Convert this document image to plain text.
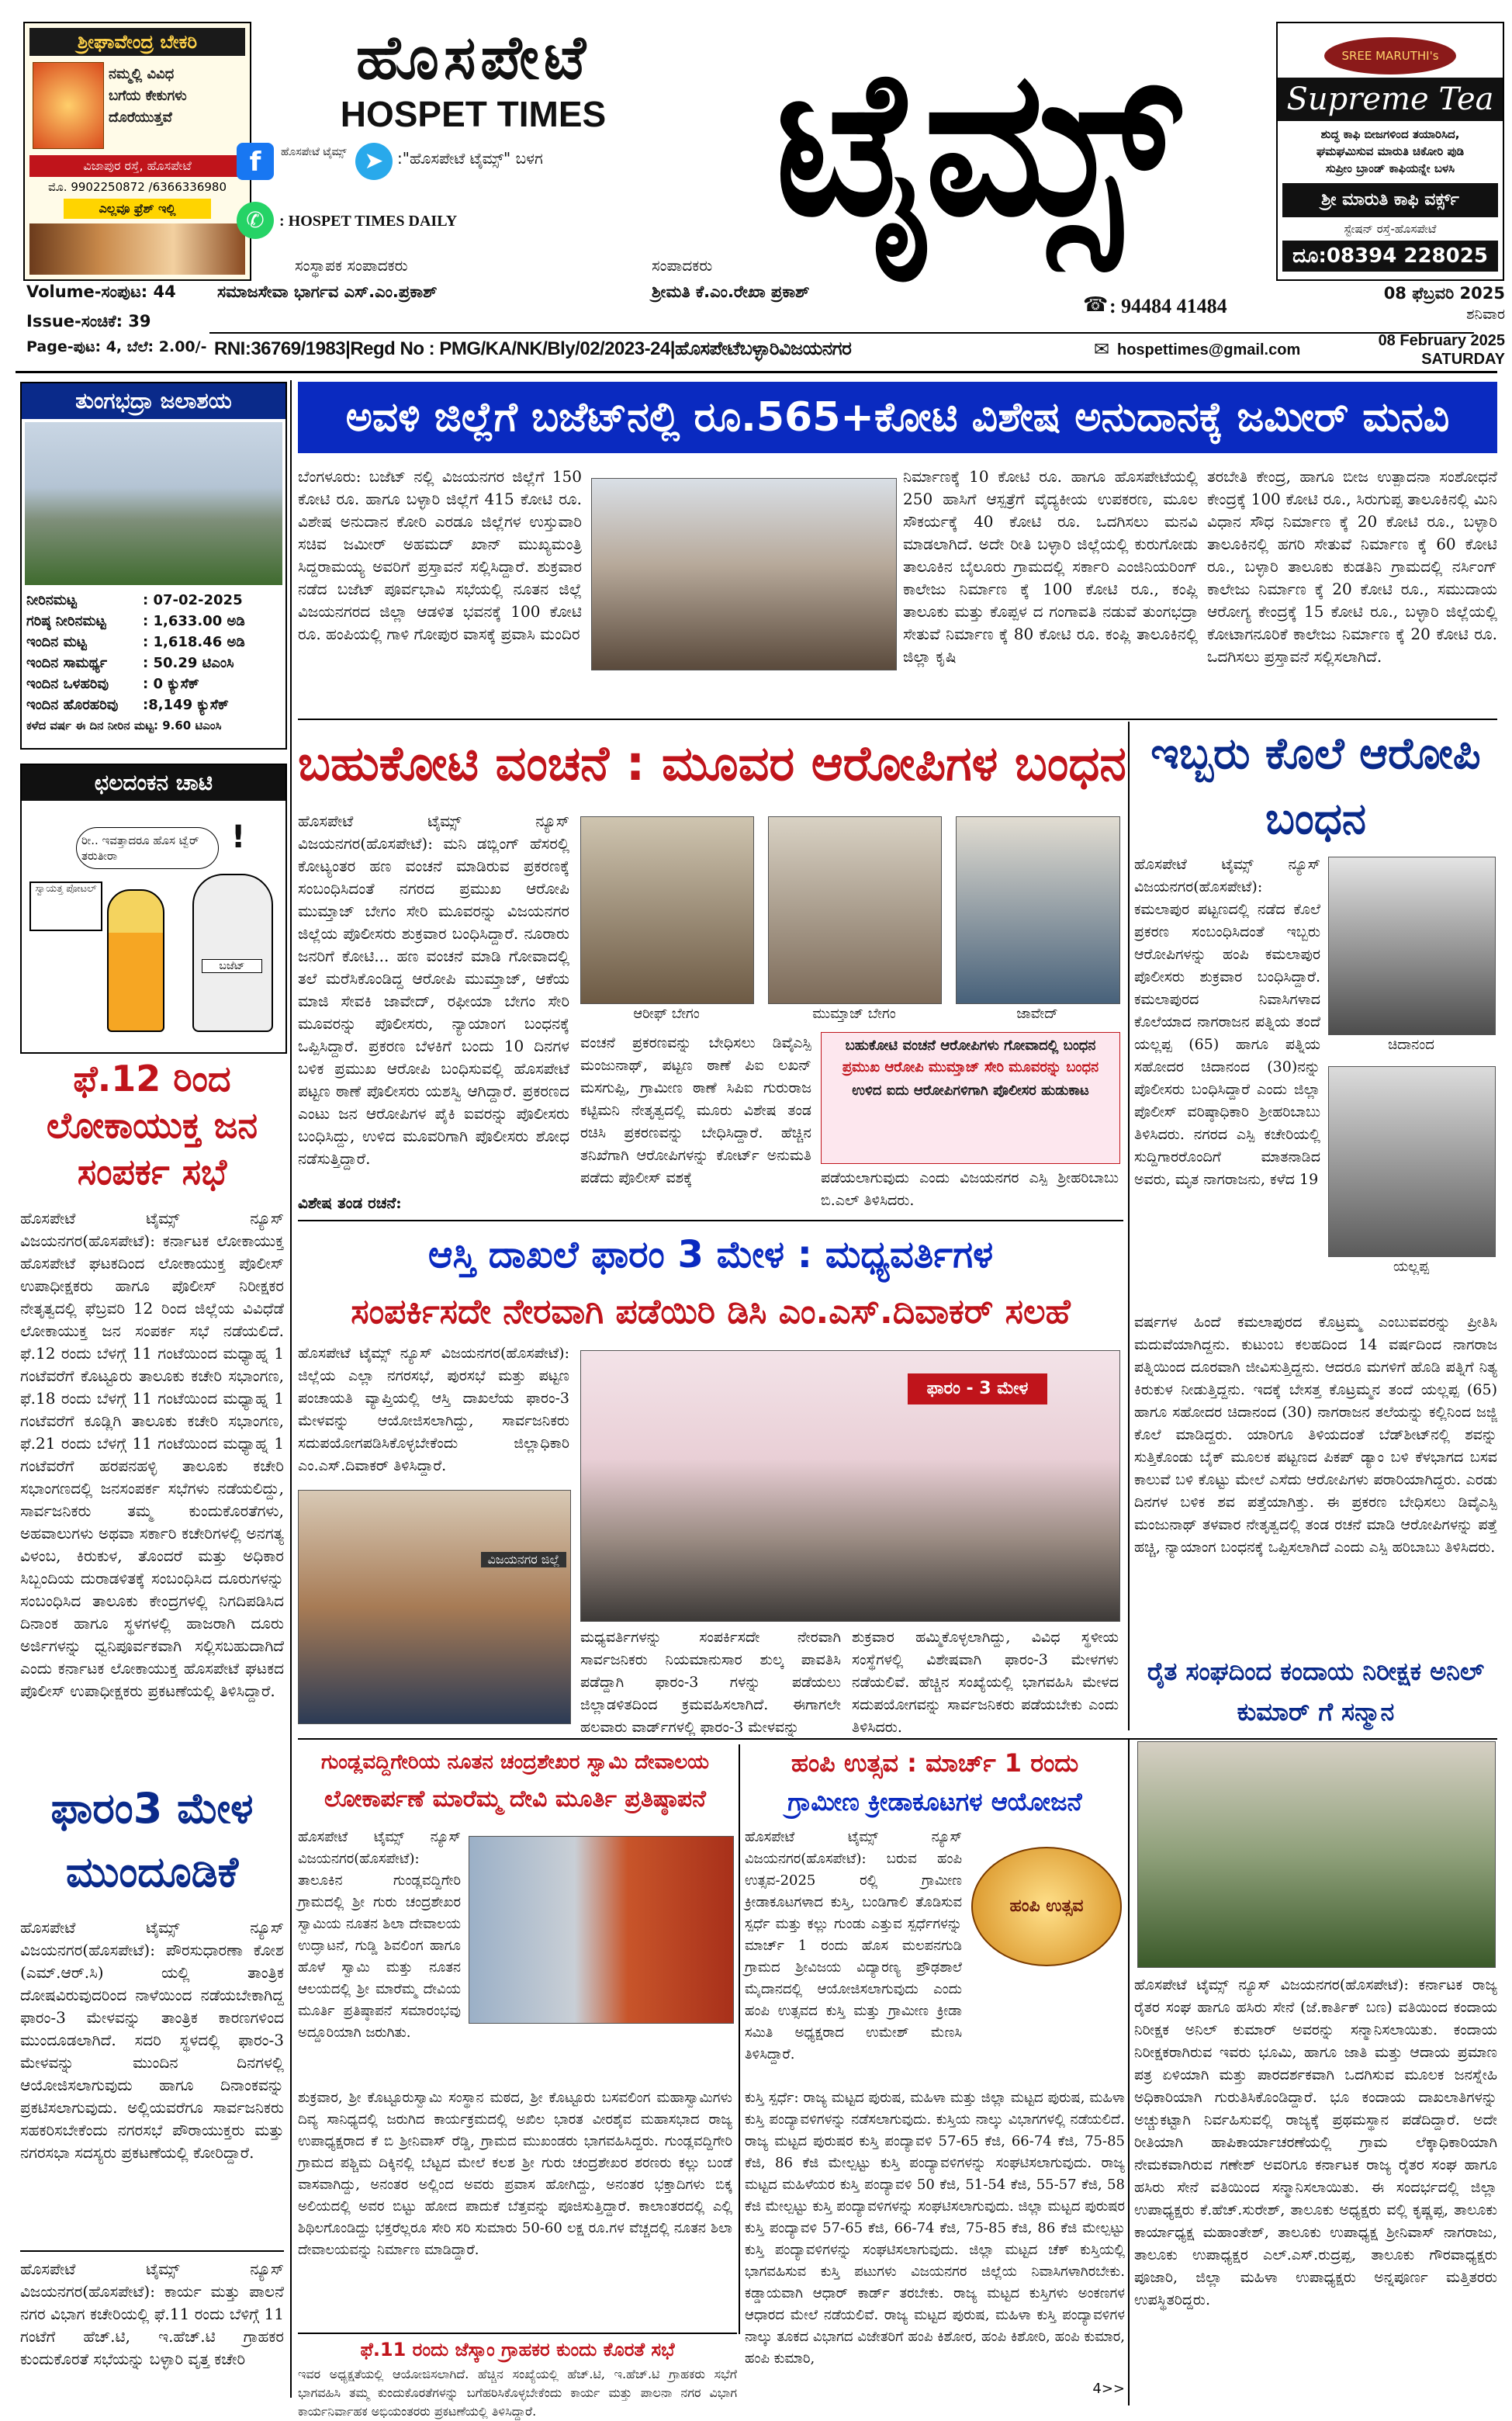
ಶ್ರೀಘಾವೇಂದ್ರ ಬೇಕರಿ
ನಮ್ಮಲ್ಲಿ ವಿವಿಧ
ಬಗೆಯ ಕೇಕುಗಳು
ದೊರೆಯುತ್ತವೆ
ವಿಜಾಪುರ ರಸ್ತೆ, ಹೊಸಪೇಟೆ
ಮೊ. 9902250872 /6366336980
ಎಲ್ಲವೂ ಫ್ರೆಶ್ ಇಲ್ಲಿ
ಹೊಸಪೇಟೆ
HOSPET TIMES
f	ಹೊಸಪೇಟೆ ಟೈಮ್ಸ್ ➤ :"ಹೊಸಪೇಟೆ ಟೈಮ್ಸ್" ಬಳಗ
✆ : HOSPET TIMES DAILY	ಟೈಮ್ಸ್	SREE MARUTHI's
Supreme Tea
ಶುದ್ಧ ಕಾಫಿ ಬೀಜಗಳಿಂದ ತಯಾರಿಸಿದ,
ಘಮಘಮಿಸುವ ಮಾರುತಿ ಚಿಕೋರಿ ಪುಡಿ
ಸುಪ್ರೀಂ ಬ್ರಾಂಡ್ ಕಾಫಿಯನ್ನೇ ಬಳಸಿ
ಶ್ರೀ ಮಾರುತಿ ಕಾಫಿ ವರ್ಕ್ಸ್
ಸ್ಟೇಷನ್ ರಸ್ತೆ-ಹೊಸಪೇಟೆ
ದೂ:08394 228025
ಸಂಸ್ಥಾಪಕ ಸಂಪಾದಕರು	ಸಂಪಾದಕರು
ಸಮಾಜಸೇವಾ ಭಾರ್ಗವ ಎಸ್.ಎಂ.ಪ್ರಕಾಶ್	ಶ್ರೀಮತಿ ಕೆ.ಎಂ.ರೇಖಾ ಪ್ರಕಾಶ್
Volume-ಸಂಪುಟ: 44
Issue-ಸಂಚಿಕೆ: 39
Page-ಪುಟ: 4, ಬೆಲೆ: 2.00/-
☎ : 94484 41484
08 ಫೆಬ್ರವರಿ 2025
ಶನಿವಾರ
RNI:36769/1983|Regd No : PMG/KA/NK/Bly/02/2023-24|ಹೊಸಪೇಟೆಬಳ್ಳಾರಿವಿಜಯನಗರ	✉ hospettimes@gmail.com
08 February 2025
SATURDAY
ತುಂಗಭದ್ರಾ ಜಲಾಶಯ
ನೀರಿನಮಟ್ಟ	: 07-02-2025
ಗರಿಷ್ಠ ನೀರಿನಮಟ್ಟ	: 1,633.00 ಅಡಿ
ಇಂದಿನ ಮಟ್ಟ	: 1,618.46 ಅಡಿ
ಇಂದಿನ ಸಾಮರ್ಥ್ಯ	: 50.29 ಟಿಎಂಸಿ
ಇಂದಿನ ಒಳಹರಿವು : 0 ಕ್ಯುಸೆಕ್
ಇಂದಿನ ಹೊರಹರಿವು :8,149 ಕ್ಯುಸೆಕ್
ಕಳೆದ ವರ್ಷ ಈ ದಿನ ನೀರಿನ ಮಟ್ಟ: 9.60 ಟಿಎಂಸಿ
ಛಲದಂಕನ ಚಾಟಿ
ರೀ.. ಇವತ್ತಾದರೂ ಹೊಸ ಟ್ವೆರ್ ತರುತೀರಾ
ಸ್ವಾಯತ್ತ ಪೋಟಲ್
ಬಜೆಟ್
!
ಫೆ.12 ರಿಂದ ಲೋಕಾಯುಕ್ತ ಜನ ಸಂಪರ್ಕ ಸಭೆ
ಹೊಸಪೇಟೆ ಟೈಮ್ಸ್ ನ್ಯೂಸ್ ವಿಜಯನಗರ(ಹೊಸಪೇಟೆ): ಕರ್ನಾಟಕ ಲೋಕಾಯುಕ್ತ ಹೊಸಪೇಟೆ ಘಟಕದಿಂದ ಲೋಕಾಯುಕ್ತ ಪೊಲೀಸ್ ಉಪಾಧೀಕ್ಷಕರು ಹಾಗೂ ಪೊಲೀಸ್ ನಿರೀಕ್ಷಕರ ನೇತೃತ್ವದಲ್ಲಿ ಫೆಬ್ರವರಿ 12 ರಿಂದ ಜಿಲ್ಲೆಯ ವಿವಿಧೆಡೆ ಲೋಕಾಯುಕ್ತ ಜನ ಸಂಪರ್ಕ ಸಭೆ ನಡೆಯಲಿದೆ. ಫೆ.12 ರಂದು ಬೆಳಗ್ಗೆ 11 ಗಂಟೆಯಿಂದ ಮಧ್ಯಾಹ್ನ 1 ಗಂಟೆವರೆಗೆ ಕೊಟ್ಟೂರು ತಾಲೂಕು ಕಚೇರಿ ಸಭಾಂಗಣ, ಫೆ.18 ರಂದು ಬೆಳಗ್ಗೆ 11 ಗಂಟೆಯಿಂದ ಮಧ್ಯಾಹ್ನ 1 ಗಂಟೆವರೆಗೆ ಕೂಡ್ಲಿಗಿ ತಾಲೂಕು ಕಚೇರಿ ಸಭಾಂಗಣ, ಫೆ.21 ರಂದು ಬೆಳಗ್ಗೆ 11 ಗಂಟೆಯಿಂದ ಮಧ್ಯಾಹ್ನ 1 ಗಂಟೆವರೆಗೆ ಹರಪನಹಳ್ಳಿ ತಾಲೂಕು ಕಚೇರಿ ಸಭಾಂಗಣದಲ್ಲಿ ಜನಸಂಪರ್ಕ ಸಭೆಗಳು ನಡೆಯಲಿದ್ದು, ಸಾರ್ವಜನಿಕರು ತಮ್ಮ ಕುಂದುಕೊರತೆಗಳು, ಅಹವಾಲುಗಳು ಅಥವಾ ಸರ್ಕಾರಿ ಕಚೇರಿಗಳಲ್ಲಿ ಅನಗತ್ಯ ವಿಳಂಬ, ಕಿರುಕುಳ, ತೊಂದರೆ ಮತ್ತು ಅಧಿಕಾರ ಸಿಬ್ಬಂದಿಯ ದುರಾಡಳಿತಕ್ಕೆ ಸಂಬಂಧಿಸಿದ ದೂರುಗಳನ್ನು ಸಂಬಂಧಿಸಿದ ತಾಲೂಕು ಕೇಂದ್ರಗಳಲ್ಲಿ ನಿಗದಿಪಡಿಸಿದ ದಿನಾಂಕ ಹಾಗೂ ಸ್ಥಳಗಳಲ್ಲಿ ಹಾಜರಾಗಿ ದೂರು ಅರ್ಜಿಗಳನ್ನು ಧ್ವನಿಪೂರ್ವಕವಾಗಿ ಸಲ್ಲಿಸಬಹುದಾಗಿದೆ ಎಂದು ಕರ್ನಾಟಕ ಲೋಕಾಯುಕ್ತ ಹೊಸಪೇಟೆ ಘಟಕದ ಪೊಲೀಸ್ ಉಪಾಧೀಕ್ಷಕರು ಪ್ರಕಟಣೆಯಲ್ಲಿ ತಿಳಿಸಿದ್ದಾರೆ.
ಫಾರಂ3 ಮೇಳ ಮುಂದೂಡಿಕೆ
ಹೊಸಪೇಟೆ ಟೈಮ್ಸ್ ನ್ಯೂಸ್ ವಿಜಯನಗರ(ಹೊಸಪೇಟೆ): ಪೌರಸುಧಾರಣಾ ಕೋಶ (ಎಮ್.ಆರ್.ಸಿ) ಯಲ್ಲಿ ತಾಂತ್ರಿಕ ದೋಷವಿರುವುದರಿಂದ ನಾಳೆಯಿಂದ ನಡೆಯಬೇಕಾಗಿದ್ದ ಫಾರಂ-3 ಮೇಳವನ್ನು ತಾಂತ್ರಿಕ ಕಾರಣಗಳಿಂದ ಮುಂದೂಡಲಾಗಿದೆ. ಸದರಿ ಸ್ಥಳದಲ್ಲಿ ಫಾರಂ-3 ಮೇಳವನ್ನು ಮುಂದಿನ ದಿನಗಳಲ್ಲಿ ಆಯೋಜಿಸಲಾಗುವುದು ಹಾಗೂ ದಿನಾಂಕವನ್ನು ಪ್ರಕಟಿಸಲಾಗುವುದು. ಅಲ್ಲಿಯವರೆಗೂ ಸಾರ್ವಜನಿಕರು ಸಹಕರಿಸಬೇಕೆಂದು ನಗರಸಭೆ ಪೌರಾಯುಕ್ತರು ಮತ್ತು ನಗರಸಭಾ ಸದಸ್ಯರು ಪ್ರಕಟಣೆಯಲ್ಲಿ ಕೋರಿದ್ದಾರೆ.
ಹೊಸಪೇಟೆ ಟೈಮ್ಸ್ ನ್ಯೂಸ್ ವಿಜಯನಗರ(ಹೊಸಪೇಟೆ): ಕಾರ್ಯ ಮತ್ತು ಪಾಲನೆ ನಗರ ವಿಭಾಗ ಕಚೇರಿಯಲ್ಲಿ ಫೆ.11 ರಂದು ಬೆಳಿಗ್ಗೆ 11 ಗಂಟೆಗೆ ಹೆಚ್.ಟಿ, ಇ.ಹೆಚ್.ಟಿ ಗ್ರಾಹಕರ ಕುಂದುಕೊರತೆ ಸಭೆಯನ್ನು ಬಳ್ಳಾರಿ ವೃತ್ತ ಕಚೇರಿ
ಅವಳಿ ಜಿಲ್ಲೆಗೆ ಬಜೆಟ್‌ನಲ್ಲಿ ರೂ.565+ಕೋಟಿ ವಿಶೇಷ ಅನುದಾನಕ್ಕೆ ಜಮೀರ್ ಮನವಿ
ಬೆಂಗಳೂರು: ಬಜೆಟ್ ನಲ್ಲಿ ವಿಜಯನಗರ ಜಿಲ್ಲೆಗೆ 150 ಕೋಟಿ ರೂ. ಹಾಗೂ ಬಳ್ಳಾರಿ ಜಿಲ್ಲೆಗೆ 415 ಕೋಟಿ ರೂ. ವಿಶೇಷ ಅನುದಾನ ಕೋರಿ ಎರಡೂ ಜಿಲ್ಲೆಗಳ ಉಸ್ತುವಾರಿ ಸಚಿವ ಜಮೀರ್ ಅಹಮದ್ ಖಾನ್ ಮುಖ್ಯಮಂತ್ರಿ ಸಿದ್ದರಾಮಯ್ಯ ಅವರಿಗೆ ಪ್ರಸ್ತಾವನೆ ಸಲ್ಲಿಸಿದ್ದಾರೆ. ಶುಕ್ರವಾರ ನಡೆದ ಬಜೆಟ್ ಪೂರ್ವಭಾವಿ ಸಭೆಯಲ್ಲಿ ನೂತನ ಜಿಲ್ಲೆ ವಿಜಯನಗರದ ಜಿಲ್ಲಾ ಆಡಳಿತ ಭವನಕ್ಕೆ 100 ಕೋಟಿ ರೂ. ಹಂಪಿಯಲ್ಲಿ ಗಾಳಿ ಗೋಪುರ ವಾಸಕ್ಕೆ ಪ್ರವಾಸಿ ಮಂದಿರ
ನಿರ್ಮಾಣಕ್ಕೆ 10 ಕೋಟಿ ರೂ. ಹಾಗೂ ಹೊಸಪೇಟೆಯಲ್ಲಿ 250 ಹಾಸಿಗೆ ಆಸ್ಪತ್ರೆಗೆ ವೈದ್ಯಕೀಯ ಉಪಕರಣ, ಮೂಲ ಸೌಕರ್ಯಕ್ಕೆ 40 ಕೋಟಿ ರೂ. ಒದಗಿಸಲು ಮನವಿ ಮಾಡಲಾಗಿದೆ. ಅದೇ ರೀತಿ ಬಳ್ಳಾರಿ ಜಿಲ್ಲೆಯಲ್ಲಿ ಕುರುಗೋಡು ತಾಲೂಕಿನ ಬೈಲೂರು ಗ್ರಾಮದಲ್ಲಿ ಸರ್ಕಾರಿ ಎಂಜಿನಿಯರಿಂಗ್ ಕಾಲೇಜು ನಿರ್ಮಾಣ ಕ್ಕೆ 100 ಕೋಟಿ ರೂ., ಕಂಪ್ಲಿ ತಾಲೂಕು ಮತ್ತು ಕೊಪ್ಪಳ ದ ಗಂಗಾವತಿ ನಡುವೆ ತುಂಗಭದ್ರಾ ಸೇತುವೆ ನಿರ್ಮಾಣ ಕ್ಕೆ 80 ಕೋಟಿ ರೂ. ಕಂಪ್ಲಿ ತಾಲೂಕಿನಲ್ಲಿ ಜಿಲ್ಲಾ ಕೃಷಿ
ತರಬೇತಿ ಕೇಂದ್ರ, ಹಾಗೂ ಬೀಜ ಉತ್ಪಾದನಾ ಸಂಶೋಧನೆ ಕೇಂದ್ರಕ್ಕೆ 100 ಕೋಟಿ ರೂ., ಸಿರುಗುಪ್ಪ ತಾಲೂಕಿನಲ್ಲಿ ಮಿನಿ ವಿಧಾನ ಸೌಧ ನಿರ್ಮಾಣ ಕ್ಕೆ 20 ಕೋಟಿ ರೂ., ಬಳ್ಳಾರಿ ತಾಲೂಕಿನಲ್ಲಿ ಹಗರಿ ಸೇತುವೆ ನಿರ್ಮಾಣ ಕ್ಕೆ 60 ಕೋಟಿ ರೂ., ಬಳ್ಳಾರಿ ತಾಲೂಕು ಕುಡತಿನಿ ಗ್ರಾಮದಲ್ಲಿ ನರ್ಸಿಂಗ್ ಕಾಲೇಜು ನಿರ್ಮಾಣ ಕ್ಕೆ 20 ಕೋಟಿ ರೂ., ಸಮುದಾಯ ಆರೋಗ್ಯ ಕೇಂದ್ರಕ್ಕೆ 15 ಕೋಟಿ ರೂ., ಬಳ್ಳಾರಿ ಜಿಲ್ಲೆಯಲ್ಲಿ ಕೋಟಾಗನೂರಿಕೆ ಕಾಲೇಜು ನಿರ್ಮಾಣ ಕ್ಕೆ 20 ಕೋಟಿ ರೂ. ಒದಗಿಸಲು ಪ್ರಸ್ತಾವನೆ ಸಲ್ಲಿಸಲಾಗಿದೆ.
ಬಹುಕೋಟಿ ವಂಚನೆ : ಮೂವರ ಆರೋಪಿಗಳ ಬಂಧನ
ಹೊಸಪೇಟೆ ಟೈಮ್ಸ್ ನ್ಯೂಸ್ ವಿಜಯನಗರ(ಹೊಸಪೇಟೆ): ಮನಿ ಡಬ್ಲಿಂಗ್ ಹೆಸರಲ್ಲಿ ಕೋಟ್ಯಂತರ ಹಣ ವಂಚನೆ ಮಾಡಿರುವ ಪ್ರಕರಣಕ್ಕೆ ಸಂಬಂಧಿಸಿದಂತೆ ನಗರದ ಪ್ರಮುಖ ಆರೋಪಿ ಮುಮ್ತಾಜ್ ಬೇಗಂ ಸೇರಿ ಮೂವರನ್ನು ವಿಜಯನಗರ ಜಿಲ್ಲೆಯ ಪೊಲೀಸರು ಶುಕ್ರವಾರ ಬಂಧಿಸಿದ್ದಾರೆ. ನೂರಾರು ಜನರಿಗೆ ಕೋಟಿ... ಹಣ ವಂಚನೆ ಮಾಡಿ ಗೋವಾದಲ್ಲಿ ತಲೆ ಮರೆಸಿಕೊಂಡಿದ್ದ ಆರೋಪಿ ಮುಮ್ತಾಜ್, ಆಕೆಯ ಮಾಜಿ ಸೇವಕಿ ಜಾವೇದ್, ರಫೀಯಾ ಬೇಗಂ ಸೇರಿ ಮೂವರನ್ನು ಪೊಲೀಸರು, ನ್ಯಾಯಾಂಗ ಬಂಧನಕ್ಕೆ ಒಪ್ಪಿಸಿದ್ದಾರೆ. ಪ್ರಕರಣ ಬೆಳಕಿಗೆ ಬಂದು 10 ದಿನಗಳ ಬಳಿಕ ಪ್ರಮುಖ ಆರೋಪಿ ಬಂಧಿಸುವಲ್ಲಿ ಹೊಸಪೇಟೆ ಪಟ್ಟಣ ಠಾಣೆ ಪೊಲೀಸರು ಯಶಸ್ವಿ ಆಗಿದ್ದಾರೆ. ಪ್ರಕರಣದ ಎಂಟು ಜನ ಆರೋಪಿಗಳ ಪೈಕಿ ಐವರನ್ನು ಪೊಲೀಸರು ಬಂಧಿಸಿದ್ದು, ಉಳಿದ ಮೂವರಿಗಾಗಿ ಪೊಲೀಸರು ಶೋಧ ನಡೆಸುತ್ತಿದ್ದಾರೆ.
ವಿಶೇಷ ತಂಡ ರಚನೆ:
ಆರೀಫ್ ಬೇಗಂ	ಮುಮ್ತಾಜ್ ಬೇಗಂ	ಜಾವೇದ್
ವಂಚನೆ ಪ್ರಕರಣವನ್ನು ಬೇಧಿಸಲು ಡಿವೈಎಸ್ಪಿ ಮಂಜುನಾಥ್, ಪಟ್ಟಣ ಠಾಣೆ ಪಿಐ ಲಖನ್ ಮಸಗುಪ್ಪಿ, ಗ್ರಾಮೀಣ ಠಾಣೆ ಸಿಪಿಐ ಗುರುರಾಜ ಕಟ್ಟಿಮನಿ ನೇತೃತ್ವದಲ್ಲಿ ಮೂರು ವಿಶೇಷ ತಂಡ ರಚಿಸಿ ಪ್ರಕರಣವನ್ನು ಬೇಧಿಸಿದ್ದಾರೆ. ಹೆಚ್ಚಿನ ತನಿಖೆಗಾಗಿ ಆರೋಪಿಗಳನ್ನು ಕೋರ್ಟ್ ಅನುಮತಿ ಪಡೆದು ಪೊಲೀಸ್ ವಶಕ್ಕೆ
ಬಹುಕೋಟಿ ವಂಚನೆ ಆರೋಪಿಗಳು ಗೋವಾದಲ್ಲಿ ಬಂಧನ
ಪ್ರಮುಖ ಆರೋಪಿ ಮುಮ್ತಾಜ್ ಸೇರಿ ಮೂವರನ್ನು ಬಂಧನ
ಉಳಿದ ಐದು ಆರೋಪಿಗಳಿಗಾಗಿ ಪೊಲೀಸರ ಹುಡುಕಾಟ
ಪಡೆಯಲಾಗುವುದು ಎಂದು ವಿಜಯನಗರ ಎಸ್ಪಿ ಶ್ರೀಹರಿಬಾಬು ಬಿ.ಎಲ್ ತಿಳಿಸಿದರು.
ಇಬ್ಬರು ಕೊಲೆ ಆರೋಪಿ ಬಂಧನ
ಹೊಸಪೇಟೆ ಟೈಮ್ಸ್ ನ್ಯೂಸ್ ವಿಜಯನಗರ(ಹೊಸಪೇಟೆ): ಕಮಲಾಪುರ ಪಟ್ಟಣದಲ್ಲಿ ನಡೆದ ಕೊಲೆ ಪ್ರಕರಣ ಸಂಬಂಧಿಸಿದಂತೆ ಇಬ್ಬರು ಆರೋಪಿಗಳನ್ನು ಹಂಪಿ ಕಮಲಾಪುರ ಪೊಲೀಸರು ಶುಕ್ರವಾರ ಬಂಧಿಸಿದ್ದಾರೆ. ಕಮಲಾಪುರದ ನಿವಾಸಿಗಳಾದ ಕೊಲೆಯಾದ ನಾಗರಾಜನ ಪತ್ನಿಯ ತಂದೆ ಯಲ್ಲಪ್ಪ (65) ಹಾಗೂ ಪತ್ನಿಯ ಸಹೋದರ ಚಿದಾನಂದ (30)ನನ್ನು ಪೊಲೀಸರು ಬಂಧಿಸಿದ್ದಾರೆ ಎಂದು ಜಿಲ್ಲಾ ಪೊಲೀಸ್ ವರಿಷ್ಠಾಧಿಕಾರಿ ಶ್ರೀಹರಿಬಾಬು ತಿಳಿಸಿದರು. ನಗರದ ಎಸ್ಪಿ ಕಚೇರಿಯಲ್ಲಿ ಸುದ್ದಿಗಾರರೊಂದಿಗೆ ಮಾತನಾಡಿದ ಅವರು, ಮೃತ ನಾಗರಾಜನು, ಕಳೆದ 19
ಚಿದಾನಂದ
ಯಲ್ಲಪ್ಪ
ವರ್ಷಗಳ ಹಿಂದೆ ಕಮಲಾಪುರದ ಕೊಟ್ರಮ್ಮ ಎಂಬುವವರನ್ನು ಪ್ರೀತಿಸಿ ಮದುವೆಯಾಗಿದ್ದನು. ಕುಟುಂಬ ಕಲಹದಿಂದ 14 ವರ್ಷದಿಂದ ನಾಗರಾಜ ಪತ್ನಿಯಿಂದ ದೂರವಾಗಿ ಜೀವಿಸುತ್ತಿದ್ದನು. ಆದರೂ ಮಗಳಿಗೆ ಹೊಡಿ ಪತ್ನಿಗೆ ನಿತ್ಯ ಕಿರುಕುಳ ನೀಡುತ್ತಿದ್ದನು. ಇದಕ್ಕೆ ಬೇಸತ್ತ ಕೊಟ್ರಮ್ಮನ ತಂದೆ ಯಲ್ಲಪ್ಪ (65) ಹಾಗೂ ಸಹೋದರ ಚಿದಾನಂದ (30) ನಾಗರಾಜನ ತಲೆಯನ್ನು ಕಲ್ಲಿನಿಂದ ಜಜ್ಜಿ ಕೊಲೆ ಮಾಡಿದ್ದರು. ಯಾರಿಗೂ ತಿಳಿಯದಂತೆ ಬೆಡ್‌ಶೀಟ್‌ನಲ್ಲಿ ಶವನ್ನು ಸುತ್ತಿಕೊಂಡು ಬೈಕ್ ಮೂಲಕ ಪಟ್ಟಣದ ಪಿಕಪ್ ಡ್ಯಾಂ ಬಳಿ ಕೆಳಭಾಗದ ಬಸವ ಕಾಲುವೆ ಬಳಿ ಕೊಟ್ಟು ಮೇಲೆ ಎಸೆದು ಆರೋಪಿಗಳು ಪರಾರಿಯಾಗಿದ್ದರು. ಎರಡು ದಿನಗಳ ಬಳಿಕ ಶವ ಪತ್ತೆಯಾಗಿತ್ತು. ಈ ಪ್ರಕರಣ ಬೇಧಿಸಲು ಡಿವೈಎಸ್ಪಿ ಮಂಜುನಾಥ್ ತಳವಾರ ನೇತೃತ್ವದಲ್ಲಿ ತಂಡ ರಚನೆ ಮಾಡಿ ಆರೋಪಿಗಳನ್ನು ಪತ್ತೆ ಹಚ್ಚಿ, ನ್ಯಾಯಾಂಗ ಬಂಧನಕ್ಕೆ ಒಪ್ಪಿಸಲಾಗಿದೆ ಎಂದು ಎಸ್ಪಿ ಹರಿಬಾಬು ತಿಳಿಸಿದರು.
ಆಸ್ತಿ ದಾಖಲೆ ಫಾರಂ 3 ಮೇಳ : ಮಧ್ಯವರ್ತಿಗಳ
ಸಂಪರ್ಕಿಸದೇ ನೇರವಾಗಿ ಪಡೆಯಿರಿ ಡಿಸಿ ಎಂ.ಎಸ್.ದಿವಾಕರ್ ಸಲಹೆ
ಹೊಸಪೇಟೆ ಟೈಮ್ಸ್ ನ್ಯೂಸ್ ವಿಜಯನಗರ(ಹೊಸಪೇಟೆ): ಜಿಲ್ಲೆಯ ಎಲ್ಲಾ ನಗರಸಭೆ, ಪುರಸಭೆ ಮತ್ತು ಪಟ್ಟಣ ಪಂಚಾಯತಿ ವ್ಯಾಪ್ತಿಯಲ್ಲಿ ಆಸ್ತಿ ದಾಖಲೆಯ ಫಾರಂ-3 ಮೇಳವನ್ನು ಆಯೋಜಿಸಲಾಗಿದ್ದು, ಸಾರ್ವಜನಿಕರು ಸದುಪಯೋಗಪಡಿಸಿಕೊಳ್ಳಬೇಕೆಂದು ಜಿಲ್ಲಾಧಿಕಾರಿ ಎಂ.ಎಸ್.ದಿವಾಕರ್ ತಿಳಿಸಿದ್ದಾರೆ.
ವಿಜಯನಗರ ಜಿಲ್ಲೆ
ಫಾರಂ - 3 ಮೇಳ
ಮಧ್ಯವರ್ತಿಗಳನ್ನು ಸಂಪರ್ಕಿಸದೇ ನೇರವಾಗಿ ಸಾರ್ವಜನಿಕರು ನಿಯಮಾನುಸಾರ ಶುಲ್ಕ ಪಾವತಿಸಿ ಪಡೆದ್ದಾಗಿ ಫಾರಂ-3 ಗಳನ್ನು ಪಡೆಯಲು ಜಿಲ್ಲಾಡಳಿತದಿಂದ ಕ್ರಮವಹಿಸಲಾಗಿದೆ. ಈಗಾಗಲೇ ಹಲವಾರು ವಾರ್ಡ್‌ಗಳಲ್ಲಿ ಫಾರಂ-3 ಮೇಳವನ್ನು
ಶುಕ್ರವಾರ ಹಮ್ಮಿಕೊಳ್ಳಲಾಗಿದ್ದು, ವಿವಿಧ ಸ್ಥಳೀಯ ಸಂಸ್ಥೆಗಳಲ್ಲಿ ವಿಶೇಷವಾಗಿ ಫಾರಂ-3 ಮೇಳಗಳು ನಡೆಯಲಿವೆ. ಹೆಚ್ಚಿನ ಸಂಖ್ಯೆಯಲ್ಲಿ ಭಾಗವಹಿಸಿ ಮೇಳದ ಸದುಪಯೋಗವನ್ನು ಸಾರ್ವಜನಿಕರು ಪಡೆಯಬೇಕು ಎಂದು ತಿಳಿಸಿದರು.
ರೈತ ಸಂಘದಿಂದ ಕಂದಾಯ ನಿರೀಕ್ಷಕ ಅನಿಲ್ ಕುಮಾರ್ ಗೆ ಸನ್ಮಾನ
ಹೊಸಪೇಟೆ ಟೈಮ್ಸ್ ನ್ಯೂಸ್ ವಿಜಯನಗರ(ಹೊಸಪೇಟೆ): ಕರ್ನಾಟಕ ರಾಜ್ಯ ರೈತರ ಸಂಘ ಹಾಗೂ ಹಸಿರು ಸೇನೆ (ಜೆ.ಕಾರ್ತಿಕ್ ಬಣ) ವತಿಯಿಂದ ಕಂದಾಯ ನಿರೀಕ್ಷಕ ಅನಿಲ್ ಕುಮಾರ್ ಅವರನ್ನು ಸನ್ಮಾನಿಸಲಾಯಿತು. ಕಂದಾಯ ನಿರೀಕ್ಷಕರಾಗಿರುವ ಇವರು ಭೂಮಿ, ಹಾಗೂ ಜಾತಿ ಮತ್ತು ಆದಾಯ ಪ್ರಮಾಣ ಪತ್ರ ಏಳಿಯಾಗಿ ಮತ್ತು ಪಾರದರ್ಶಕವಾಗಿ ಒದಗಿಸುವ ಮೂಲಕ ಜನಸ್ನೇಹಿ ಅಧಿಕಾರಿಯಾಗಿ ಗುರುತಿಸಿಕೊಂಡಿದ್ದಾರೆ. ಭೂ ಕಂದಾಯ ದಾಖಲಾತಿಗಳನ್ನು ಅಚ್ಚುಕಟ್ಟಾಗಿ ನಿರ್ವಹಿಸುವಲ್ಲಿ ರಾಜ್ಯಕ್ಕೆ ಪ್ರಥಮಸ್ಥಾನ ಪಡೆದಿದ್ದಾರೆ. ಅದೇ ರೀತಿಯಾಗಿ ಹಾಪಿಕಾರ್ಯಾಚರಣೆಯಲ್ಲಿ ಗ್ರಾಮ ಲೆಕ್ಕಾಧಿಕಾರಿಯಾಗಿ ನೇಮಕವಾಗಿರುವ ಗಣೇಶ್ ಅವರಿಗೂ ಕರ್ನಾಟಕ ರಾಜ್ಯ ರೈತರ ಸಂಘ ಹಾಗೂ ಹಸಿರು ಸೇನೆ ವತಿಯಿಂದ ಸನ್ಮಾನಿಸಲಾಯಿತು. ಈ ಸಂದರ್ಭದಲ್ಲಿ ಜಿಲ್ಲಾ ಉಪಾಧ್ಯಕ್ಷರು ಕೆ.ಹೆಚ್.ಸುರೇಶ್, ತಾಲೂಕು ಅಧ್ಯಕ್ಷರು ವಲ್ಲಿ ಕೃಷ್ಣಪ್ಪ, ತಾಲೂಕು ಕಾರ್ಯಾಧ್ಯಕ್ಷ ಮಹಾಂತೇಶ್, ತಾಲೂಕು ಉಪಾಧ್ಯಕ್ಷ ಶ್ರೀನಿವಾಸ್ ನಾಗರಾಜು, ತಾಲೂಕು ಉಪಾಧ್ಯಕ್ಷರ ಎಲ್.ಎಸ್.ರುದ್ರಪ್ಪ, ತಾಲೂಕು ಗೌರವಾಧ್ಯಕ್ಷರು ಪೂಜಾರಿ, ಜಿಲ್ಲಾ ಮಹಿಳಾ ಉಪಾಧ್ಯಕ್ಷರು ಅನ್ನಪೂರ್ಣ ಮತ್ತಿತರರು ಉಪಸ್ಥಿತರಿದ್ದರು.
ಗುಂಡ್ಲವದ್ದಿಗೇರಿಯ ನೂತನ ಚಂದ್ರಶೇಖರ ಸ್ವಾಮಿ ದೇವಾಲಯ
ಲೋಕಾರ್ಪಣೆ ಮಾರೆಮ್ಮ ದೇವಿ ಮೂರ್ತಿ ಪ್ರತಿಷ್ಠಾಪನೆ
ಹೊಸಪೇಟೆ ಟೈಮ್ಸ್ ನ್ಯೂಸ್ ವಿಜಯನಗರ(ಹೊಸಪೇಟೆ): ತಾಲೂಕಿನ ಗುಂಡ್ಲವದ್ದಿಗೇರಿ ಗ್ರಾಮದಲ್ಲಿ ಶ್ರೀ ಗುರು ಚಂದ್ರಶೇಖರ ಸ್ವಾಮಿಯ ನೂತನ ಶಿಲಾ ದೇವಾಲಯ ಉದ್ಘಾಟನೆ, ಗುಡ್ಡಿ ಶಿವಲಿಂಗ ಹಾಗೂ ಹೊಳೆ ಸ್ವಾಮಿ ಮತ್ತು ನೂತನ ಆಲಯದಲ್ಲಿ ಶ್ರೀ ಮಾರೆಮ್ಮ ದೇವಿಯ ಮೂರ್ತಿ ಪ್ರತಿಷ್ಠಾಪನೆ ಸಮಾರಂಭವು ಅದ್ದೂರಿಯಾಗಿ ಜರುಗಿತು.
ಶುಕ್ರವಾರ, ಶ್ರೀ ಕೊಟ್ಟೂರುಸ್ವಾಮಿ ಸಂಸ್ಥಾನ ಮಠದ, ಶ್ರೀ ಕೊಟ್ಟೂರು ಬಸವಲಿಂಗ ಮಹಾಸ್ವಾಮಿಗಳು ದಿವ್ಯ ಸಾನಿಧ್ಯದಲ್ಲಿ ಜರುಗಿದ ಕಾರ್ಯಕ್ರಮದಲ್ಲಿ ಅಖಿಲ ಭಾರತ ವೀರಶೈವ ಮಹಾಸಭಾದ ರಾಜ್ಯ ಉಪಾಧ್ಯಕ್ಷರಾದ ಕೆ ಬಿ ಶ್ರೀನಿವಾಸ್ ರೆಡ್ಡಿ, ಗ್ರಾಮದ ಮುಖಂಡರು ಭಾಗವಹಿಸಿದ್ದರು. ಗುಂಡ್ಲವದ್ದಿಗೇರಿ ಗ್ರಾಮದ ಪಶ್ಚಿಮ ದಿಕ್ಕಿನಲ್ಲಿ ಬೆಟ್ಟದ ಮೇಲೆ ಕಲಶ ಶ್ರೀ ಗುರು ಚಂದ್ರಶೇಖರ ಶರಣರು ಕಲ್ಲು ಬಂಡೆ ವಾಸವಾಗಿದ್ದು, ಅನಂತರ ಅಲ್ಲಿಂದ ಅವರು ಪ್ರವಾಸ ಹೋಗಿದ್ದು, ಅನಂತರ ಭಕ್ತಾದಿಗಳು ಬಿಕ್ಕ ಅಲಿಯದಲ್ಲಿ ಅವರ ಬಿಟ್ಟು ಹೋದ ಪಾದುಕೆ ಬೆತ್ತವನ್ನು ಪೂಜಿಸುತ್ತಿದ್ದಾರೆ. ಕಾಲಾಂತರದಲ್ಲಿ ಎಲ್ಲಿ ಶಿಥಿಲಗೊಂಡಿದ್ದು ಭಕ್ತರೆಲ್ಲರೂ ಸೇರಿ ಸರಿ ಸುಮಾರು 50-60 ಲಕ್ಷ ರೂ.ಗಳ ವೆಚ್ಚದಲ್ಲಿ ನೂತನ ಶಿಲಾ ದೇವಾಲಯವನ್ನು ನಿರ್ಮಾಣ ಮಾಡಿದ್ದಾರೆ.
ಹಂಪಿ ಉತ್ಸವ : ಮಾರ್ಚ್ 1 ರಂದು
ಗ್ರಾಮೀಣ ಕ್ರೀಡಾಕೂಟಗಳ ಆಯೋಜನೆ
ಹೊಸಪೇಟೆ ಟೈಮ್ಸ್ ನ್ಯೂಸ್ ವಿಜಯನಗರ(ಹೊಸಪೇಟೆ): ಬರುವ ಹಂಪಿ ಉತ್ಸವ-2025 ರಲ್ಲಿ ಗ್ರಾಮೀಣ ಕ್ರೀಡಾಕೂಟಗಳಾದ ಕುಸ್ತಿ, ಬಂಡಿಗಾಲಿ ತೊಡಿಸುವ ಸ್ಪರ್ಧೆ ಮತ್ತು ಕಲ್ಲು ಗುಂಡು ಎತ್ತುವ ಸ್ಪರ್ಧೆಗಳನ್ನು ಮಾರ್ಚ್ 1 ರಂದು ಹೊಸ ಮಲಪನಗುಡಿ ಗ್ರಾಮದ ಶ್ರೀವಿಜಯ ವಿದ್ಯಾರಣ್ಯ ಪ್ರೌಢಶಾಲೆ ಮೈದಾನದಲ್ಲಿ ಆಯೋಜಿಸಲಾಗುವುದು ಎಂದು ಹಂಪಿ ಉತ್ಸವದ ಕುಸ್ತಿ ಮತ್ತು ಗ್ರಾಮೀಣ ಕ್ರೀಡಾ ಸಮಿತಿ ಅಧ್ಯಕ್ಷರಾದ ಉಮೇಶ್ ಮೆಣಸಿ ತಿಳಿಸಿದ್ದಾರೆ.
ಹಂಪಿ ಉತ್ಸವ
ಕುಸ್ತಿ ಸ್ಪರ್ಧೆ: ರಾಜ್ಯ ಮಟ್ಟದ ಪುರುಷ, ಮಹಿಳಾ ಮತ್ತು ಜಿಲ್ಲಾ ಮಟ್ಟದ ಪುರುಷ, ಮಹಿಳಾ ಕುಸ್ತಿ ಪಂದ್ಯಾವಳಿಗಳನ್ನು ನಡೆಸಲಾಗುವುದು. ಕುಸ್ತಿಯ ನಾಲ್ಕು ವಿಭಾಗಗಳಲ್ಲಿ ನಡೆಯಲಿದೆ. ರಾಜ್ಯ ಮಟ್ಟದ ಪುರುಷರ ಕುಸ್ತಿ ಪಂದ್ಯಾವಳಿ 57-65 ಕೆಜಿ, 66-74 ಕೆಜಿ, 75-85 ಕೆಜಿ, 86 ಕೆಜಿ ಮೇಲ್ಪಟ್ಟು ಕುಸ್ತಿ ಪಂದ್ಯಾವಳಿಗಳನ್ನು ಸಂಘಟಿಸಲಾಗುವುದು. ರಾಜ್ಯ ಮಟ್ಟದ ಮಹಿಳೆಯರ ಕುಸ್ತಿ ಪಂದ್ಯಾವಳಿ 50 ಕೆಜಿ, 51-54 ಕೆಜಿ, 55-57 ಕೆಜಿ, 58 ಕೆಜಿ ಮೇಲ್ಪಟ್ಟು ಕುಸ್ತಿ ಪಂದ್ಯಾವಳಿಗಳನ್ನು ಸಂಘಟಿಸಲಾಗುವುದು. ಜಿಲ್ಲಾ ಮಟ್ಟದ ಪುರುಷರ ಕುಸ್ತಿ ಪಂದ್ಯಾವಳಿ 57-65 ಕೆಜಿ, 66-74 ಕೆಜಿ, 75-85 ಕೆಜಿ, 86 ಕೆಜಿ ಮೇಲ್ಪಟ್ಟು ಕುಸ್ತಿ ಪಂದ್ಯಾವಳಿಗಳನ್ನು ಸಂಘಟಿಸಲಾಗುವುದು. ಜಿಲ್ಲಾ ಮಟ್ಟದ ಚೆಕ್ ಕುಸ್ತಿಯಲ್ಲಿ ಭಾಗವಹಿಸುವ ಕುಸ್ತಿ ಪಟುಗಳು ವಿಜಯನಗರ ಜಿಲ್ಲೆಯ ನಿವಾಸಿಗಳಾಗಿರಬೇಕು. ಕಡ್ಡಾಯವಾಗಿ ಆಧಾರ್ ಕಾರ್ಡ್ ತರಬೇಕು. ರಾಜ್ಯ ಮಟ್ಟದ ಕುಸ್ತಿಗಳು ಅಂಕಣಗಳ ಆಧಾರದ ಮೇಲೆ ನಡೆಯಲಿವೆ. ರಾಜ್ಯ ಮಟ್ಟದ ಪುರುಷ, ಮಹಿಳಾ ಕುಸ್ತಿ ಪಂದ್ಯಾವಳಿಗಳ ನಾಲ್ಕು ತೂಕದ ವಿಭಾಗದ ವಿಜೇತರಿಗೆ ಹಂಪಿ ಕಿಶೋರ, ಹಂಪಿ ಕಿಶೋರಿ, ಹಂಪಿ ಕುಮಾರ, ಹಂಪಿ ಕುಮಾರಿ,
4>>
ಫೆ.11 ರಂದು ಜೆಸ್ಕಾಂ ಗ್ರಾಹಕರ ಕುಂದು ಕೊರತೆ ಸಭೆ
ಇವರ ಅಧ್ಯಕ್ಷತೆಯಲ್ಲಿ ಆಯೋಜಿಸಲಾಗಿದೆ. ಹೆಚ್ಚಿನ ಸಂಖ್ಯೆಯಲ್ಲಿ ಹೆಚ್.ಟಿ, ಇ.ಹೆಚ್.ಟಿ ಗ್ರಾಹಕರು ಸಭೆಗೆ ಭಾಗವಹಿಸಿ ತಮ್ಮ ಕುಂದುಕೊರತೆಗಳನ್ನು ಬಗೆಹರಿಸಿಕೊಳ್ಳಬೇಕೆಂದು ಕಾರ್ಯ ಮತ್ತು ಪಾಲನಾ ನಗರ ವಿಭಾಗ ಕಾರ್ಯನಿರ್ವಾಹಕ ಅಭಿಯಂತರರು ಪ್ರಕಟಣೆಯಲ್ಲಿ ತಿಳಿಸಿದ್ದಾರೆ.
